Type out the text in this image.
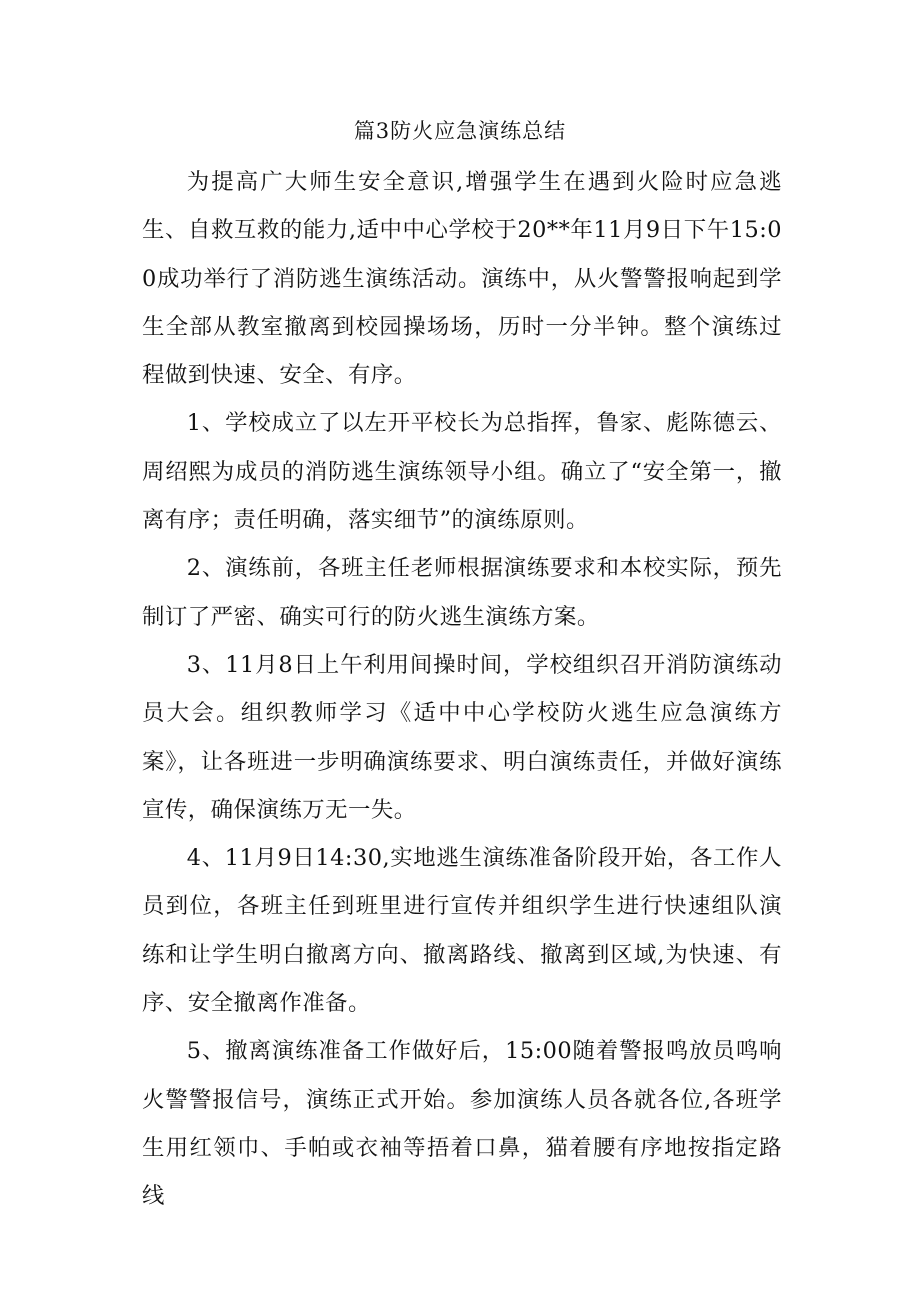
篇3防火应急演练总结

为提高广大师生安全意识,增强学生在遇到火险时应急逃生、自救互救的能力,适中中心学校于20**年11月9日下午15:00成功举行了消防逃生演练活动。演练中，从火警警报响起到学生全部从教室撤离到校园操场场，历时一分半钟。整个演练过程做到快速、安全、有序。

1、学校成立了以左开平校长为总指挥，鲁家、彪陈德云、周绍熙为成员的消防逃生演练领导小组。确立了“安全第一，撤离有序；责任明确，落实细节”的演练原则。

2、演练前，各班主任老师根据演练要求和本校实际，预先制订了严密、确实可行的防火逃生演练方案。

3、11月8日上午利用间操时间，学校组织召开消防演练动员大会。组织教师学习《适中中心学校防火逃生应急演练方案》，让各班进一步明确演练要求、明白演练责任，并做好演练宣传，确保演练万无一失。

4、11月9日14:30,实地逃生演练准备阶段开始，各工作人员到位，各班主任到班里进行宣传并组织学生进行快速组队演练和让学生明白撤离方向、撤离路线、撤离到区域,为快速、有序、安全撤离作准备。

5、撤离演练准备工作做好后，15:00随着警报鸣放员鸣响火警警报信号，演练正式开始。参加演练人员各就各位,各班学生用红领巾、手帕或衣袖等捂着口鼻，猫着腰有序地按指定路线
